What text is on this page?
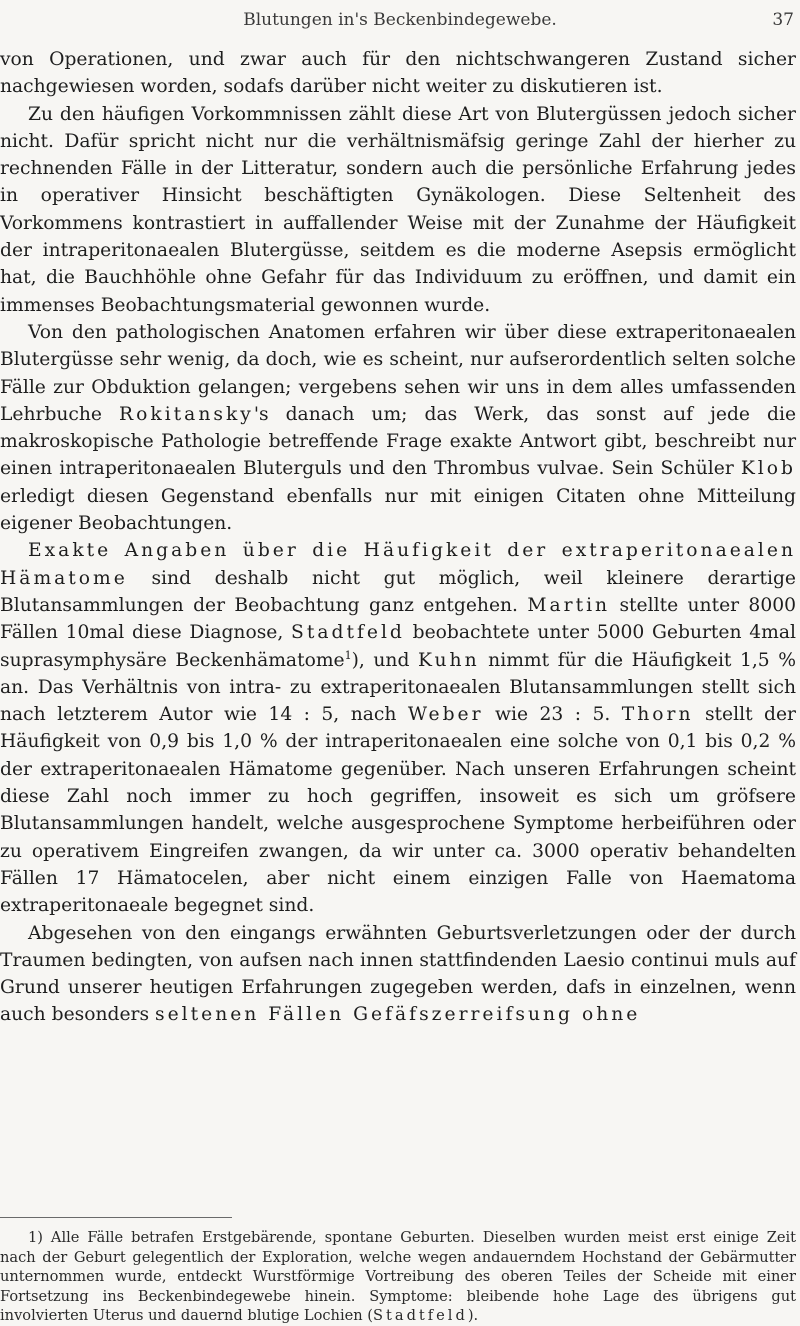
Blutungen in's Beckenbindegewebe.	37

von Operationen, und zwar auch für den nichtschwangeren Zustand sicher nachgewiesen worden, sodafs darüber nicht weiter zu diskutieren ist.

Zu den häufigen Vorkommnissen zählt diese Art von Blutergüssen jedoch sicher nicht. Dafür spricht nicht nur die verhältnismäfsig geringe Zahl der hierher zu rechnenden Fälle in der Litteratur, sondern auch die persönliche Erfahrung jedes in operativer Hinsicht beschäftigten Gynäkologen. Diese Seltenheit des Vorkommens kontrastiert in auffallender Weise mit der Zunahme der Häufigkeit der intraperitonaealen Blutergüsse, seitdem es die moderne Asepsis ermöglicht hat, die Bauchhöhle ohne Gefahr für das Individuum zu eröffnen, und damit ein immenses Beobachtungsmaterial gewonnen wurde.

Von den pathologischen Anatomen erfahren wir über diese extraperitonaealen Blutergüsse sehr wenig, da doch, wie es scheint, nur aufserordentlich selten solche Fälle zur Obduktion gelangen; vergebens sehen wir uns in dem alles umfassenden Lehrbuche Rokitansky's danach um; das Werk, das sonst auf jede die makroskopische Pathologie betreffende Frage exakte Antwort gibt, beschreibt nur einen intraperitonaealen Bluterguls und den Thrombus vulvae. Sein Schüler Klob erledigt diesen Gegenstand ebenfalls nur mit einigen Citaten ohne Mitteilung eigener Beobachtungen.

Exakte Angaben über die Häufigkeit der extraperitonaealen Hämatome sind deshalb nicht gut möglich, weil kleinere derartige Blutansammlungen der Beobachtung ganz entgehen. Martin stellte unter 8000 Fällen 10mal diese Diagnose, Stadtfeld beobachtete unter 5000 Geburten 4mal suprasymphysäre Beckenhämatome$^1$), und Kuhn nimmt für die Häufigkeit 1,5 % an. Das Verhältnis von intra- zu extraperitonaealen Blutansammlungen stellt sich nach letzterem Autor wie 14 : 5, nach Weber wie 23 : 5. Thorn stellt der Häufigkeit von 0,9 bis 1,0 % der intraperitonaealen eine solche von 0,1 bis 0,2 % der extraperitonaealen Hämatome gegenüber. Nach unseren Erfahrungen scheint diese Zahl noch immer zu hoch gegriffen, insoweit es sich um gröfsere Blutansammlungen handelt, welche ausgesprochene Symptome herbeiführen oder zu operativem Eingreifen zwangen, da wir unter ca. 3000 operativ behandelten Fällen 17 Hämatocelen, aber nicht einem einzigen Falle von Haematoma extraperitonaeale begegnet sind.

Abgesehen von den eingangs erwähnten Geburtsverletzungen oder der durch Traumen bedingten, von aufsen nach innen stattfindenden Laesio continui muls auf Grund unserer heutigen Erfahrungen zugegeben werden, dafs in einzelnen, wenn auch besonders seltenen Fällen Gefäfszerreifsung ohne

1) Alle Fälle betrafen Erstgebärende, spontane Geburten. Dieselben wurden meist erst einige Zeit nach der Geburt gelegentlich der Exploration, welche wegen andauerndem Hochstand der Gebärmutter unternommen wurde, entdeckt Wurstförmige Vortreibung des oberen Teiles der Scheide mit einer Fortsetzung ins Beckenbindegewebe hinein. Symptome: bleibende hohe Lage des übrigens gut involvierten Uterus und dauernd blutige Lochien (Stadtfeld).
